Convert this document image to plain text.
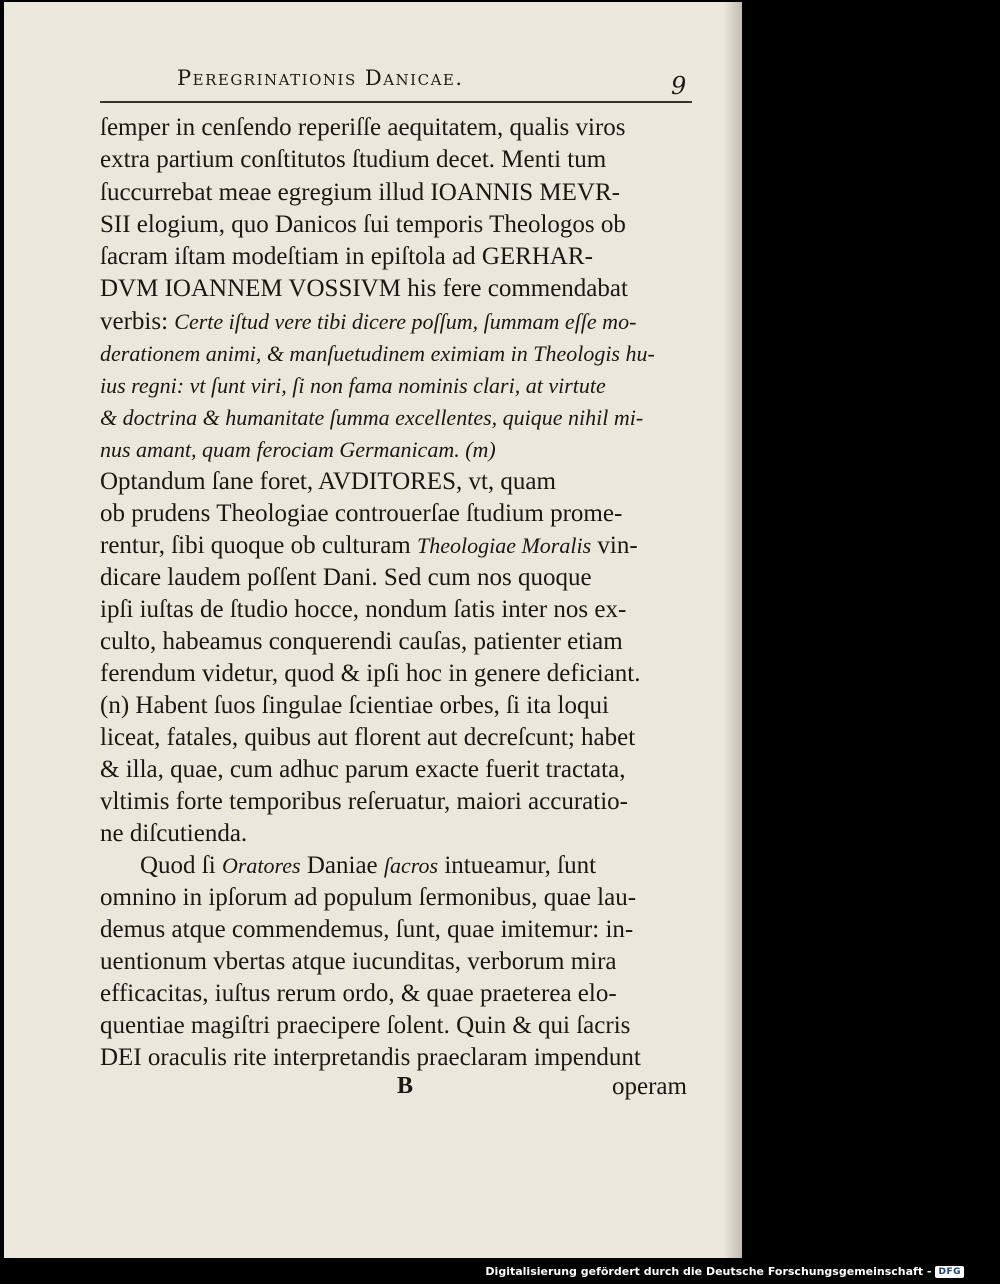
Peregrinationis Danicae.	9
ſemper in cenſendo reperiſſe aequitatem, qualis viros
extra partium conſtitutos ſtudium decet. Menti tum
ſuccurrebat meae egregium illud IOANNIS MEVR-
SII elogium, quo Danicos ſui temporis Theologos ob
ſacram iſtam modeſtiam in epiſtola ad GERHAR-
DVM IOANNEM VOSSIVM his fere commendabat
verbis: Certe iſtud vere tibi dicere poſſum, ſummam eſſe mo-
derationem animi, & manſuetudinem eximiam in Theologis hu-
ius regni: vt ſunt viri, ſi non fama nominis clari, at virtute
& doctrina & humanitate ſumma excellentes, quique nihil mi-
nus amant, quam ferociam Germanicam. (m)
Optandum ſane foret, AVDITORES, vt, quam
ob prudens Theologiae controuerſae ſtudium prome-
rentur, ſibi quoque ob culturam Theologiae Moralis vin-
dicare laudem poſſent Dani. Sed cum nos quoque
ipſi iuſtas de ſtudio hocce, nondum ſatis inter nos ex-
culto, habeamus conquerendi cauſas, patienter etiam
ferendum videtur, quod & ipſi hoc in genere deficiant.
(n) Habent ſuos ſingulae ſcientiae orbes, ſi ita loqui
liceat, fatales, quibus aut florent aut decreſcunt; habet
& illa, quae, cum adhuc parum exacte fuerit tractata,
vltimis forte temporibus reſeruatur, maiori accuratio-
ne diſcutienda.
Quod ſi Oratores Daniae ſacros intueamur, ſunt
omnino in ipſorum ad populum ſermonibus, quae lau-
demus atque commendemus, ſunt, quae imitemur: in-
uentionum vbertas atque iucunditas, verborum mira
efficacitas, iuſtus rerum ordo, & quae praeterea elo-
quentiae magiſtri praecipere ſolent. Quin & qui ſacris
DEI oraculis rite interpretandis praeclaram impendunt
B	operam
Digitalisierung gefördert durch die Deutsche Forschungsgemeinschaft - DFG
